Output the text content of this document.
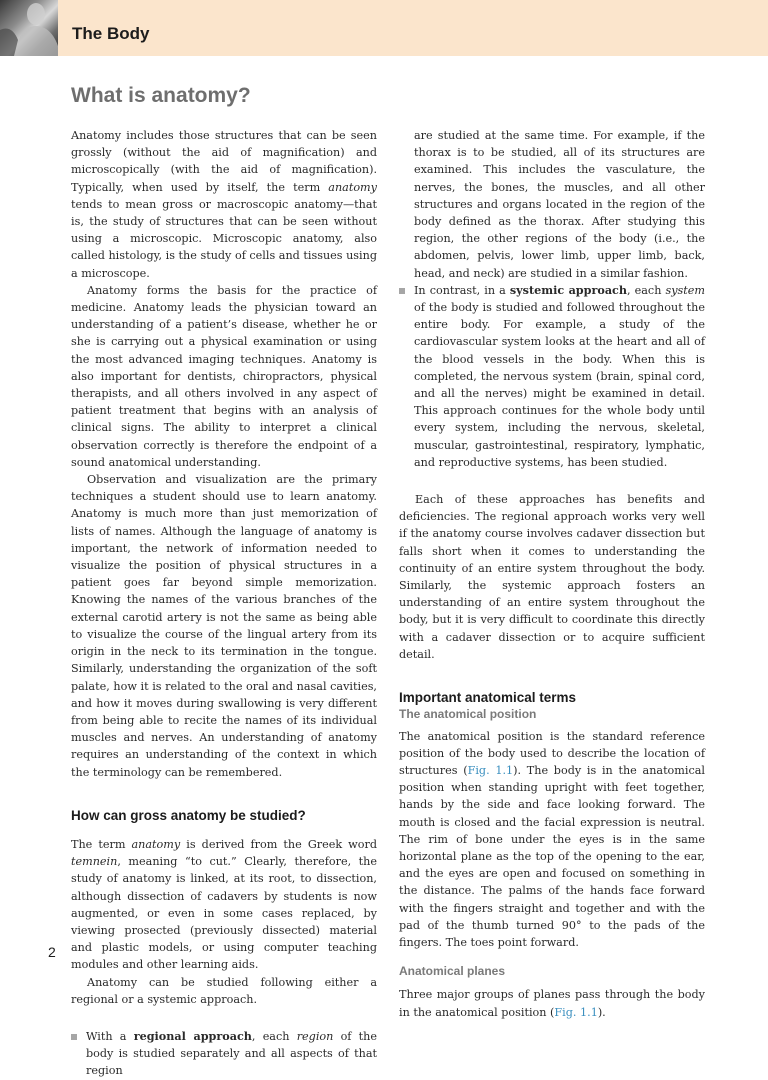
The Body
What is anatomy?

Anatomy includes those structures that can be seen grossly (without the aid of magnification) and microscopically (with the aid of magnification). Typically, when used by itself, the term anatomy tends to mean gross or macroscopic anatomy—that is, the study of structures that can be seen without using a microscopic. Microscopic anatomy, also called histology, is the study of cells and tissues using a microscope.

Anatomy forms the basis for the practice of medicine. Anatomy leads the physician toward an understanding of a patient’s disease, whether he or she is carrying out a physical examination or using the most advanced imaging techniques. Anatomy is also important for dentists, chiropractors, physical therapists, and all others involved in any aspect of patient treatment that begins with an analysis of clinical signs. The ability to interpret a clinical observation correctly is therefore the endpoint of a sound anatomical understanding.

Observation and visualization are the primary techniques a student should use to learn anatomy. Anatomy is much more than just memorization of lists of names. Although the language of anatomy is important, the network of information needed to visualize the position of physical structures in a patient goes far beyond simple memorization. Knowing the names of the various branches of the external carotid artery is not the same as being able to visualize the course of the lingual artery from its origin in the neck to its termination in the tongue. Similarly, understanding the organization of the soft palate, how it is related to the oral and nasal cavities, and how it moves during swallowing is very different from being able to recite the names of its individual muscles and nerves. An understanding of anatomy requires an understanding of the context in which the terminology can be remembered.

How can gross anatomy be studied?

The term anatomy is derived from the Greek word temnein, meaning “to cut.” Clearly, therefore, the study of anatomy is linked, at its root, to dissection, although dissection of cadavers by students is now augmented, or even in some cases replaced, by viewing prosected (previously dissected) material and plastic models, or using computer teaching modules and other learning aids.

Anatomy can be studied following either a regional or a systemic approach.

With a regional approach, each region of the body is studied separately and all aspects of that region

are studied at the same time. For example, if the thorax is to be studied, all of its structures are examined. This includes the vasculature, the nerves, the bones, the muscles, and all other structures and organs located in the region of the body defined as the thorax. After studying this region, the other regions of the body (i.e., the abdomen, pelvis, lower limb, upper limb, back, head, and neck) are studied in a similar fashion.

In contrast, in a systemic approach, each system of the body is studied and followed throughout the entire body. For example, a study of the cardiovascular system looks at the heart and all of the blood vessels in the body. When this is completed, the nervous system (brain, spinal cord, and all the nerves) might be examined in detail. This approach continues for the whole body until every system, including the nervous, skeletal, muscular, gastrointestinal, respiratory, lymphatic, and reproductive systems, has been studied.

Each of these approaches has benefits and deficiencies. The regional approach works very well if the anatomy course involves cadaver dissection but falls short when it comes to understanding the continuity of an entire system throughout the body. Similarly, the systemic approach fosters an understanding of an entire system throughout the body, but it is very difficult to coordinate this directly with a cadaver dissection or to acquire sufficient detail.

Important anatomical terms

The anatomical position

The anatomical position is the standard reference position of the body used to describe the location of structures (Fig. 1.1). The body is in the anatomical position when standing upright with feet together, hands by the side and face looking forward. The mouth is closed and the facial expression is neutral. The rim of bone under the eyes is in the same horizontal plane as the top of the opening to the ear, and the eyes are open and focused on something in the distance. The palms of the hands face forward with the fingers straight and together and with the pad of the thumb turned 90° to the pads of the fingers. The toes point forward.

Anatomical planes

Three major groups of planes pass through the body in the anatomical position (Fig. 1.1).

2
